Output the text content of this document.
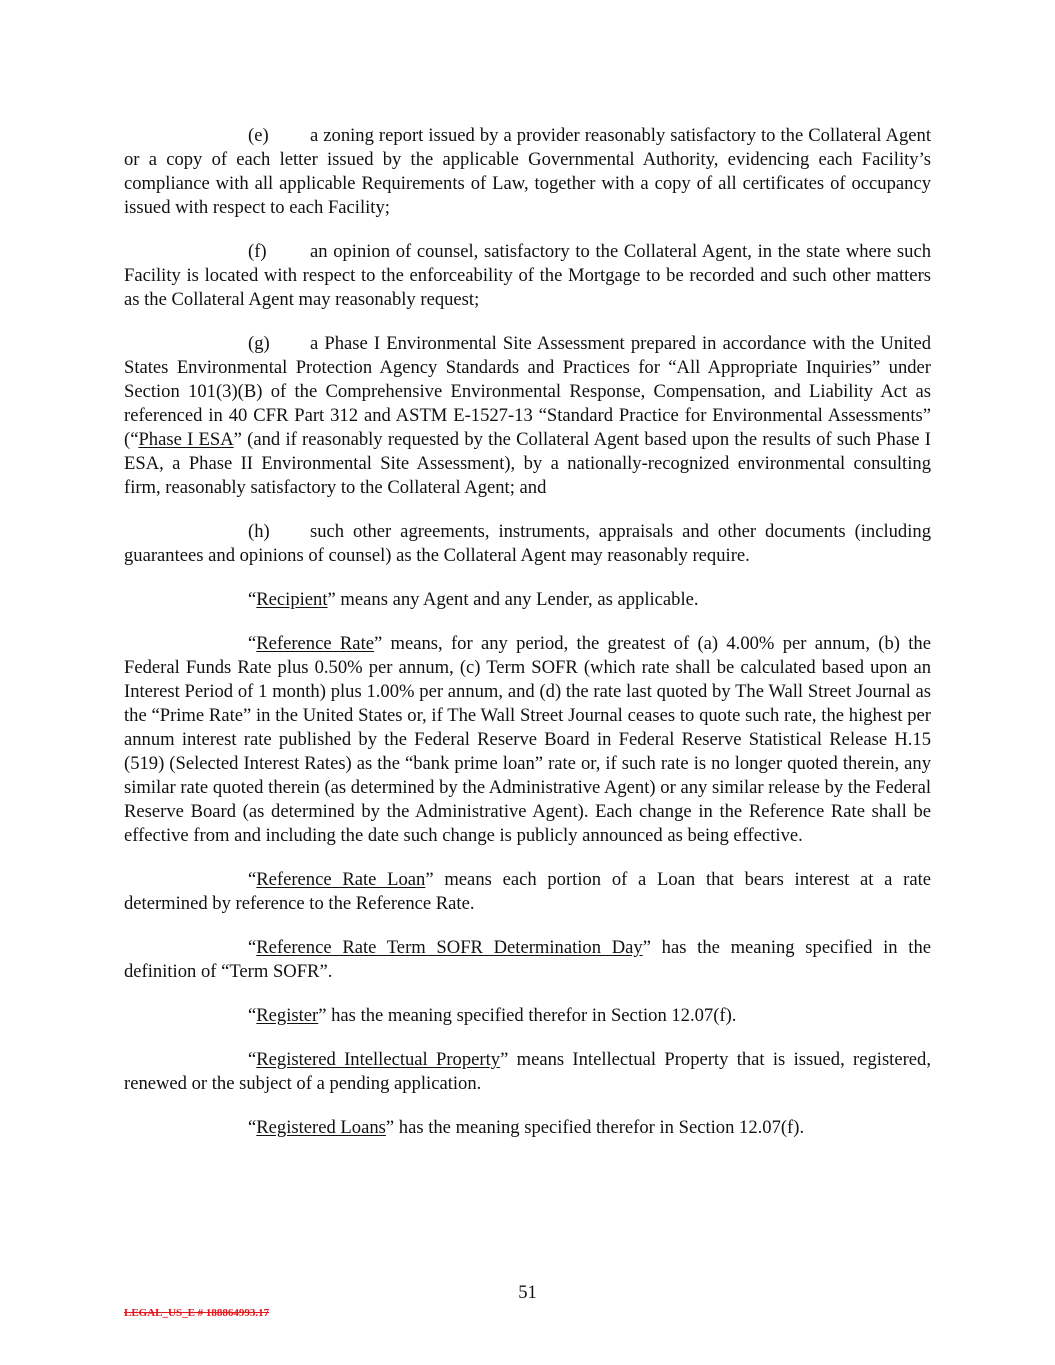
(e) a zoning report issued by a provider reasonably satisfactory to the Collateral Agent or a copy of each letter issued by the applicable Governmental Authority, evidencing each Facility’s compliance with all applicable Requirements of Law, together with a copy of all certificates of occupancy issued with respect to each Facility;

(f) an opinion of counsel, satisfactory to the Collateral Agent, in the state where such Facility is located with respect to the enforceability of the Mortgage to be recorded and such other matters as the Collateral Agent may reasonably request;

(g) a Phase I Environmental Site Assessment prepared in accordance with the United States Environmental Protection Agency Standards and Practices for “All Appropriate Inquiries” under Section 101(3)(B) of the Comprehensive Environmental Response, Compensation, and Liability Act as referenced in 40 CFR Part 312 and ASTM E-1527-13 “Standard Practice for Environmental Assessments” (“Phase I ESA” (and if reasonably requested by the Collateral Agent based upon the results of such Phase I ESA, a Phase II Environmental Site Assessment), by a nationally-recognized environmental consulting firm, reasonably satisfactory to the Collateral Agent; and

(h) such other agreements, instruments, appraisals and other documents (including guarantees and opinions of counsel) as the Collateral Agent may reasonably require.

“Recipient” means any Agent and any Lender, as applicable.

“Reference Rate” means, for any period, the greatest of (a) 4.00% per annum, (b) the Federal Funds Rate plus 0.50% per annum, (c) Term SOFR (which rate shall be calculated based upon an Interest Period of 1 month) plus 1.00% per annum, and (d) the rate last quoted by The Wall Street Journal as the “Prime Rate” in the United States or, if The Wall Street Journal ceases to quote such rate, the highest per annum interest rate published by the Federal Reserve Board in Federal Reserve Statistical Release H.15 (519) (Selected Interest Rates) as the “bank prime loan” rate or, if such rate is no longer quoted therein, any similar rate quoted therein (as determined by the Administrative Agent) or any similar release by the Federal Reserve Board (as determined by the Administrative Agent). Each change in the Reference Rate shall be effective from and including the date such change is publicly announced as being effective.

“Reference Rate Loan” means each portion of a Loan that bears interest at a rate determined by reference to the Reference Rate.

“Reference Rate Term SOFR Determination Day” has the meaning specified in the definition of “Term SOFR”.

“Register” has the meaning specified therefor in Section 12.07(f).

“Registered Intellectual Property” means Intellectual Property that is issued, registered, renewed or the subject of a pending application.

“Registered Loans” has the meaning specified therefor in Section 12.07(f).

51
LEGAL_US_E # 188864993.17
